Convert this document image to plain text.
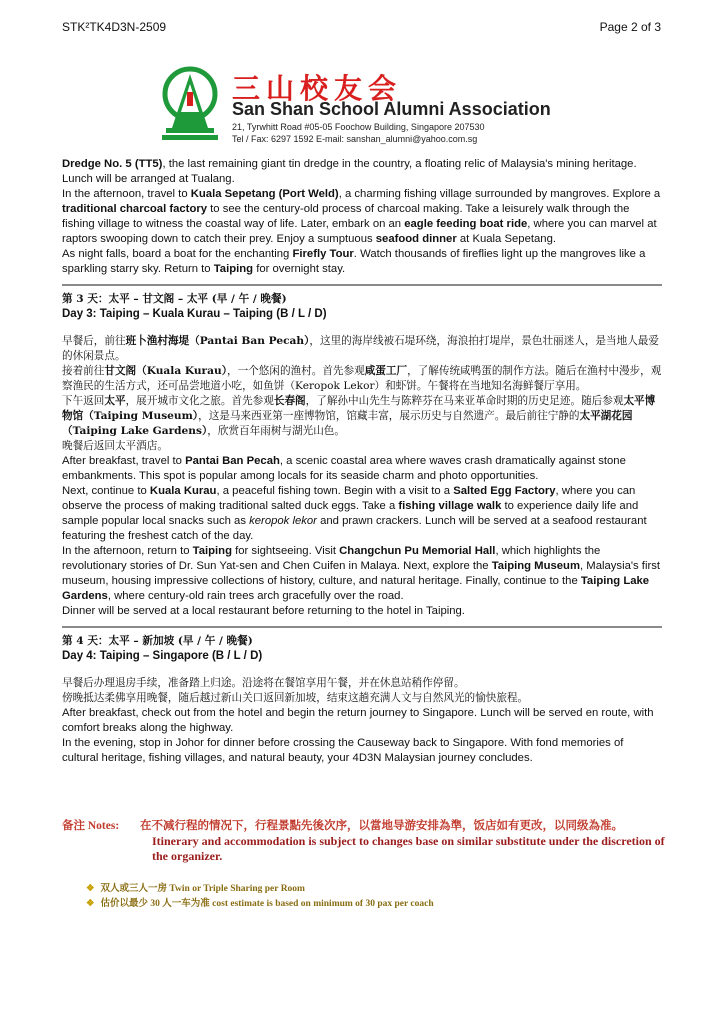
STK²TK4D3N-2509	Page 2 of 3
三山校友会
San Shan School Alumni Association
21, Tyrwhitt Road #05-05 Foochow Building, Singapore 207530
Tel / Fax: 6297 1592 E-mail: sanshan_alumni@yahoo.com.sg

Dredge No. 5 (TT5), the last remaining giant tin dredge in the country, a floating relic of Malaysia's mining heritage. Lunch will be arranged at Tualang.

In the afternoon, travel to Kuala Sepetang (Port Weld), a charming fishing village surrounded by mangroves. Explore a traditional charcoal factory to see the century-old process of charcoal making. Take a leisurely walk through the fishing village to witness the coastal way of life. Later, embark on an eagle feeding boat ride, where you can marvel at raptors swooping down to catch their prey. Enjoy a sumptuous seafood dinner at Kuala Sepetang.

As night falls, board a boat for the enchanting Firefly Tour. Watch thousands of fireflies light up the mangroves like a sparkling starry sky. Return to Taiping for overnight stay.

第 3 天：太平 – 甘文阁 – 太平 (早 / 午 / 晚餐)
Day 3: Taiping – Kuala Kurau – Taiping (B / L / D)

早餐后，前往班卜渔村海堤（Pantai Ban Pecah），这里的海岸线被石堤环绕，海浪拍打堤岸，景色壮丽迷人，是当地人最爱的休闲景点。

接着前往甘文阁（Kuala Kurau），一个悠闲的渔村。首先参观咸蛋工厂，了解传统咸鸭蛋的制作方法。随后在渔村中漫步，观察渔民的生活方式，还可品尝地道小吃，如鱼饼（Keropok Lekor）和虾饼。午餐将在当地知名海鲜餐厅享用。

下午返回太平，展开城市文化之旅。首先参观长春阁，了解孙中山先生与陈粹芬在马来亚革命时期的历史足迹。随后参观太平博物馆（Taiping Museum），这是马来西亚第一座博物馆，馆藏丰富，展示历史与自然遗产。最后前往宁静的太平湖花园（Taiping Lake Gardens），欣赏百年雨树与湖光山色。

晚餐后返回太平酒店。

After breakfast, travel to Pantai Ban Pecah, a scenic coastal area where waves crash dramatically against stone embankments. This spot is popular among locals for its seaside charm and photo opportunities.

Next, continue to Kuala Kurau, a peaceful fishing town. Begin with a visit to a Salted Egg Factory, where you can observe the process of making traditional salted duck eggs. Take a fishing village walk to experience daily life and sample popular local snacks such as keropok lekor and prawn crackers. Lunch will be served at a seafood restaurant featuring the freshest catch of the day.

In the afternoon, return to Taiping for sightseeing. Visit Changchun Pu Memorial Hall, which highlights the revolutionary stories of Dr. Sun Yat-sen and Chen Cuifen in Malaya. Next, explore the Taiping Museum, Malaysia's first museum, housing impressive collections of history, culture, and natural heritage. Finally, continue to the Taiping Lake Gardens, where century-old rain trees arch gracefully over the road.

Dinner will be served at a local restaurant before returning to the hotel in Taiping.

第 4 天：太平 – 新加坡 (早 / 午 / 晚餐)
Day 4: Taiping – Singapore (B / L / D)

早餐后办理退房手续，准备踏上归途。沿途将在餐馆享用午餐，并在休息站稍作停留。

傍晚抵达柔佛享用晚餐，随后越过新山关口返回新加坡，结束这趟充满人文与自然风光的愉快旅程。

After breakfast, check out from the hotel and begin the return journey to Singapore. Lunch will be served en route, with comfort breaks along the highway.

In the evening, stop in Johor for dinner before crossing the Causeway back to Singapore. With fond memories of cultural heritage, fishing villages, and natural beauty, your 4D3N Malaysian journey concludes.

备注 Notes: 在不减行程的情况下，行程景點先後次序，以當地导游安排為準，饭店如有更改，以同级為准。
Itinerary and accommodation is subject to changes base on similar substitute under the discretion of the organizer.
❖ 双人或三人一房 Twin or Triple Sharing per Room
❖ 估价以最少 30 人一车为准 cost estimate is based on minimum of 30 pax per coach
